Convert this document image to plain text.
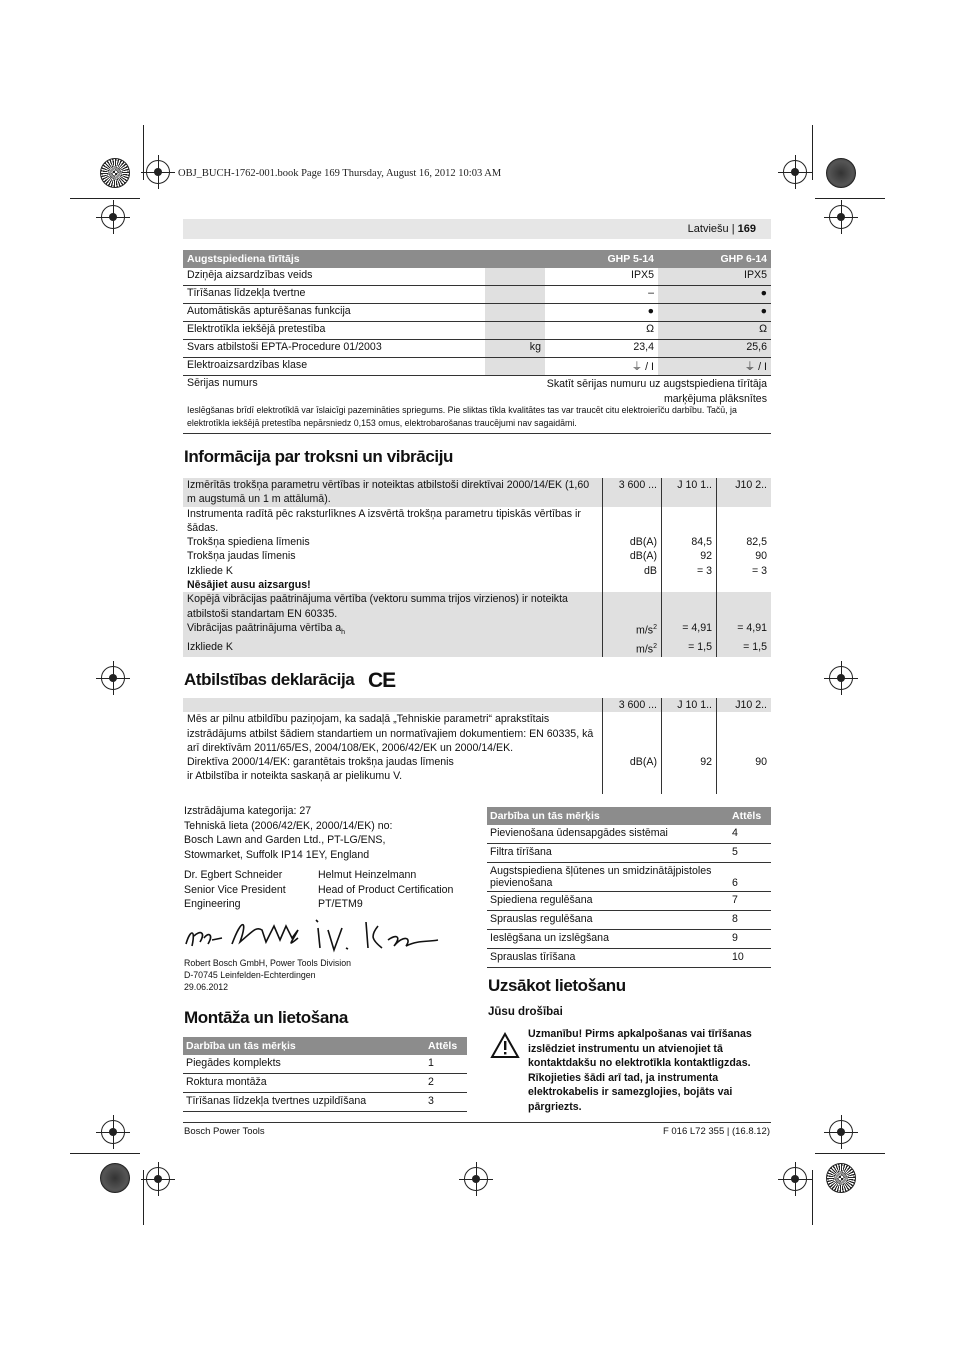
OBJ_BUCH-1762-001.book Page 169 Thursday, August 16, 2012 10:03 AM
Latviešu | 169
Augstspiediena tīrītājs		GHP 5-14	GHP 6-14
Dziņēja aizsardzības veids		IPX5	IPX5
Tīrīšanas līdzekļa tvertne		–	●
Automātiskās apturēšanas funkcija		●	●
Elektrotīkla iekšējā pretestība		Ω	Ω
Svars atbilstoši EPTA-Procedure 01/2003	kg	23,4	25,6
Elektroaizsardzības klase		⏚ / I	⏚ / I
Sērijas numurs	Skatīt sērijas numuru uz augstspiediena tīrītāja marķējuma plāksnītes		
Ieslēgšanas brīdī elektrotīklā var īslaicīgi pazemināties spriegums. Pie sliktas tīkla kvalitātes tas var traucēt citu elektroierīču darbību. Tačū, ja elektrotīkla iekšējā pretestība nepārsniedz 0,153 omus, elektrobarošanas traucējumi nav sagaidāmi.
Informācija par troksni un vibrāciju
Izmērītās trokšņa parametru vērtības ir noteiktas atbilstoši direktīvai 2000/14/EK (1,60 m augstumā un 1 m attālumā).		3 600 ...	J 10 1..	J10 2..
Instrumenta radītā pēc raksturlīknes A izsvērtā trokšņa parametru tipiskās vērtības ir šādas.				
Trokšņa spiediena līmenis		dB(A)	84,5	82,5
Trokšņa jaudas līmenis		dB(A)	92	90
Izkliede K		dB	= 3	= 3
Nēsājiet ausu aizsargus!				
Kopējā vibrācijas paātrinājuma vērtība (vektoru summa trijos virzienos) ir noteikta atbilstoši standartam EN 60335.				
Vibrācijas paātrinājuma vērtība $a_h$		$m/s^2$	= 4,91	= 4,91
Izkliede K		$m/s^2$	= 1,5	= 1,5
Atbilstības deklarācija CE
	3 600 ...	J 10 1..	J10 2..
Mēs ar pilnu atbildību paziņojam, ka sadaļā „Tehniskie parametri“ aprakstītais izstrādājums atbilst šādiem standartiem un normatīvajiem dokumentiem: EN 60335, kā arī direktīvām 2011/65/ES, 2004/108/EK, 2006/42/EK un 2000/14/EK.			
Direktīva 2000/14/EK: garantētais trokšņa jaudas līmenis ir Atbilstība ir noteikta saskaņā ar pielikumu V.	dB(A)	92	90

Izstrādājuma kategorija: 27
Tehniskā lieta (2006/42/EK, 2000/14/EK) no:
Bosch Lawn and Garden Ltd., PT-LG/ENS,
Stowmarket, Suffolk IP14 1EY, England
Dr. Egbert Schneider
Senior Vice President
Engineering
Helmut Heinzelmann
Head of Product Certification
PT/ETM9
Robert Bosch GmbH, Power Tools Division
D-70745 Leinfelden-Echterdingen
29.06.2012
Montāža un lietošana
Darbība un tās mērķis	Attēls
Piegādes komplekts	1
Roktura montāža	2
Tīrīšanas līdzekļa tvertnes uzpildīšana	3
Darbība un tās mērķis	Attēls
Pievienošana ūdensapgādes sistēmai	4
Filtra tīrīšana	5
Augstspiediena šļūtenes un smidzinātājpistoles pievienošana	6
Spiediena regulēšana	7
Sprauslas regulēšana	8
Ieslēgšana un izslēgšana	9
Sprauslas tīrīšana	10
Uzsākot lietošanu
Jūsu drošībai
Uzmanību! Pirms apkalpošanas vai tīrīšanas izslēdziet instrumentu un atvienojiet tā kontaktdakšu no elektrotīkla kontaktligzdas. Rīkojieties šādi arī tad, ja instrumenta elektrokabelis ir samezglojies, bojāts vai pārgriezts.
Bosch Power Tools	F 016 L72 355 | (16.8.12)
